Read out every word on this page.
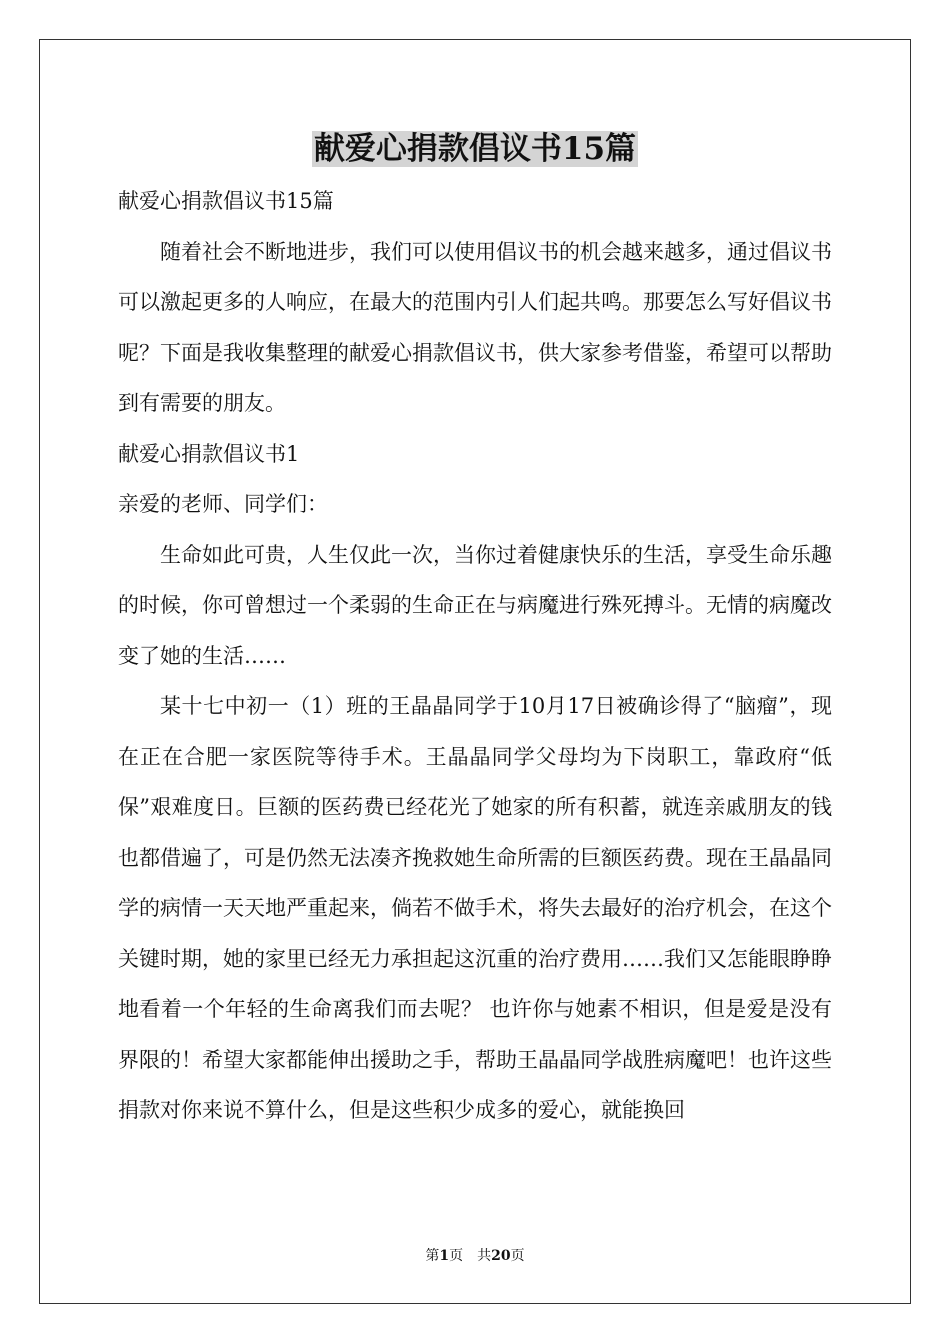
献爱心捐款倡议书15篇

献爱心捐款倡议书15篇

随着社会不断地进步，我们可以使用倡议书的机会越来越多，通过倡议书可以激起更多的人响应，在最大的范围内引人们起共鸣。那要怎么写好倡议书呢？下面是我收集整理的献爱心捐款倡议书，供大家参考借鉴，希望可以帮助到有需要的朋友。

献爱心捐款倡议书1

亲爱的老师、同学们：

生命如此可贵，人生仅此一次，当你过着健康快乐的生活，享受生命乐趣的时候，你可曾想过一个柔弱的生命正在与病魔进行殊死搏斗。无情的病魔改变了她的生活……

某十七中初一（1）班的王晶晶同学于10月17日被确诊得了“脑瘤”，现在正在合肥一家医院等待手术。王晶晶同学父母均为下岗职工，靠政府“低保”艰难度日。巨额的医药费已经花光了她家的所有积蓄，就连亲戚朋友的钱也都借遍了，可是仍然无法凑齐挽救她生命所需的巨额医药费。现在王晶晶同学的病情一天天地严重起来，倘若不做手术，将失去最好的治疗机会，在这个关键时期，她的家里已经无力承担起这沉重的治疗费用……我们又怎能眼睁睁地看着一个年轻的生命离我们而去呢？ 也许你与她素不相识，但是爱是没有界限的！希望大家都能伸出援助之手，帮助王晶晶同学战胜病魔吧！也许这些捐款对你来说不算什么，但是这些积少成多的爱心，就能换回

第1页　共20页
